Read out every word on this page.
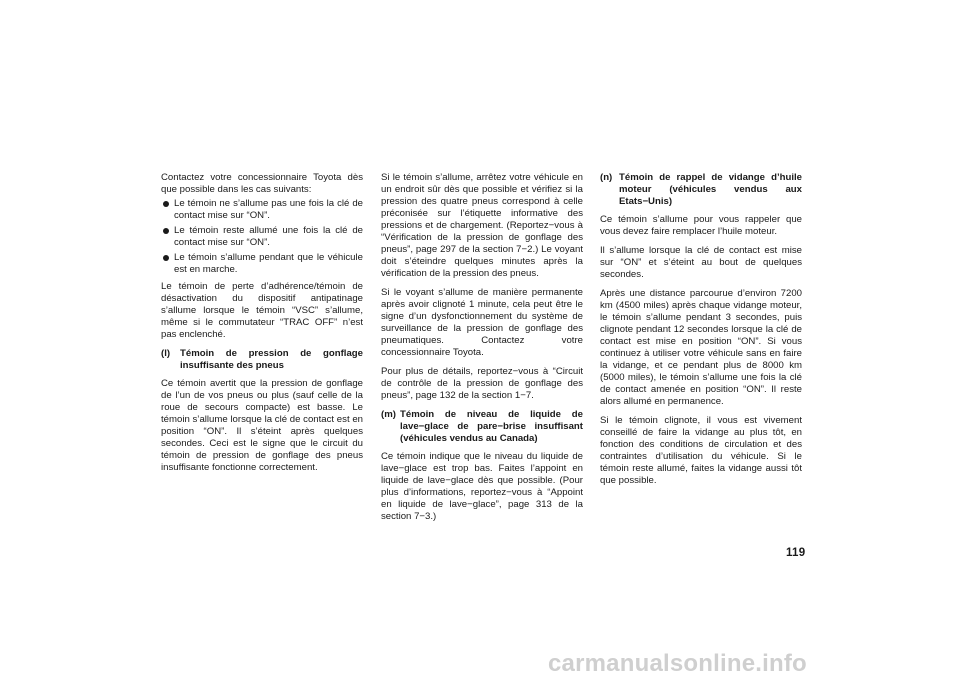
Contactez votre concessionnaire Toyota dès que possible dans les cas suivants:

Le témoin ne s’allume pas une fois la clé de contact mise sur “ON”.
Le témoin reste allumé une fois la clé de contact mise sur “ON”.
Le témoin s’allume pendant que le véhicule est en marche.

Le témoin de perte d’adhérence/témoin de désactivation du dispositif antipatinage s’allume lorsque le témoin “VSC” s’allume, même si le commutateur “TRAC OFF” n’est pas enclenché.

(l)	Témoin de pression de gonflage insuffisante des pneus

Ce témoin avertit que la pression de gonflage de l’un de vos pneus ou plus (sauf celle de la roue de secours compacte) est basse. Le témoin s’allume lorsque la clé de contact est en position “ON”. Il s’éteint après quelques secondes. Ceci est le signe que le circuit du témoin de pression de gonflage des pneus insuffisante fonctionne correctement.

Si le témoin s’allume, arrêtez votre véhicule en un endroit sûr dès que possible et vérifiez si la pression des quatre pneus correspond à celle préconisée sur l’étiquette informative des pressions et de chargement. (Reportez−vous à “Vérification de la pression de gonflage des pneus”, page 297 de la section 7−2.) Le voyant doit s’éteindre quelques minutes après la vérification de la pression des pneus.

Si le voyant s’allume de manière permanente après avoir clignoté 1 minute, cela peut être le signe d’un dysfonctionnement du système de surveillance de la pression de gonflage des pneumatiques. Contactez votre concessionnaire Toyota.

Pour plus de détails, reportez−vous à “Circuit de contrôle de la pression de gonflage des pneus”, page 132 de la section 1−7.

(m) Témoin de niveau de liquide de lave−glace de pare−brise insuffisant (véhicules vendus au Canada)

Ce témoin indique que le niveau du liquide de lave−glace est trop bas. Faites l’appoint en liquide de lave−glace dès que possible. (Pour plus d’informations, reportez−vous à “Appoint en liquide de lave−glace”, page 313 de la section 7−3.)

(n) Témoin de rappel de vidange d’huile moteur (véhicules vendus aux Etats−Unis)

Ce témoin s’allume pour vous rappeler que vous devez faire remplacer l’huile moteur.

Il s’allume lorsque la clé de contact est mise sur “ON” et s’éteint au bout de quelques secondes.

Après une distance parcourue d’environ 7200 km (4500 miles) après chaque vidange moteur, le témoin s’allume pendant 3 secondes, puis clignote pendant 12 secondes lorsque la clé de contact est mise en position “ON”. Si vous continuez à utiliser votre véhicule sans en faire la vidange, et ce pendant plus de 8000 km (5000 miles), le témoin s’allume une fois la clé de contact amenée en position “ON”. Il reste alors allumé en permanence.

Si le témoin clignote, il vous est vivement conseillé de faire la vidange au plus tôt, en fonction des conditions de circulation et des contraintes d’utilisation du véhicule. Si le témoin reste allumé, faites la vidange aussi tôt que possible.

119
carmanualsonline.info
